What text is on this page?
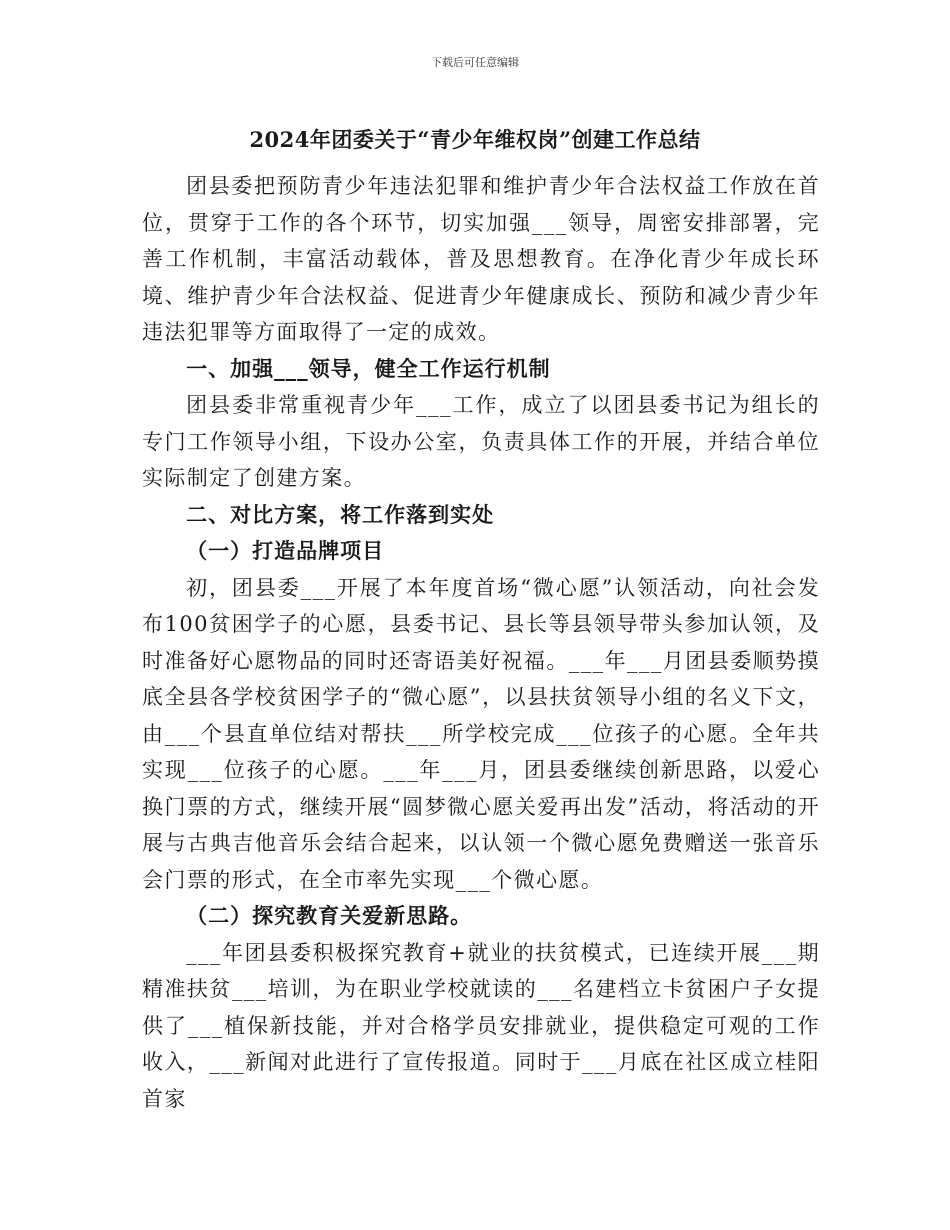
下载后可任意编辑
2024年团委关于“青少年维权岗”创建工作总结

团县委把预防青少年违法犯罪和维护青少年合法权益工作放在首位，贯穿于工作的各个环节，切实加强___领导，周密安排部署，完善工作机制，丰富活动载体，普及思想教育。在净化青少年成长环境、维护青少年合法权益、促进青少年健康成长、预防和减少青少年违法犯罪等方面取得了一定的成效。

一、加强___领导，健全工作运行机制

团县委非常重视青少年___工作，成立了以团县委书记为组长的专门工作领导小组，下设办公室，负责具体工作的开展，并结合单位实际制定了创建方案。

二、对比方案，将工作落到实处

（一）打造品牌项目

初，团县委___开展了本年度首场“微心愿”认领活动，向社会发布100贫困学子的心愿，县委书记、县长等县领导带头参加认领，及时准备好心愿物品的同时还寄语美好祝福。___年___月团县委顺势摸底全县各学校贫困学子的“微心愿”，以县扶贫领导小组的名义下文，由___个县直单位结对帮扶___所学校完成___位孩子的心愿。全年共实现___位孩子的心愿。___年___月，团县委继续创新思路，以爱心换门票的方式，继续开展“圆梦微心愿关爱再出发”活动，将活动的开展与古典吉他音乐会结合起来，以认领一个微心愿免费赠送一张音乐会门票的形式，在全市率先实现___个微心愿。

（二）探究教育关爱新思路。

___年团县委积极探究教育+就业的扶贫模式，已连续开展___期精准扶贫___培训，为在职业学校就读的___名建档立卡贫困户子女提供了___植保新技能，并对合格学员安排就业，提供稳定可观的工作收入，___新闻对此进行了宣传报道。同时于___月底在社区成立桂阳首家
